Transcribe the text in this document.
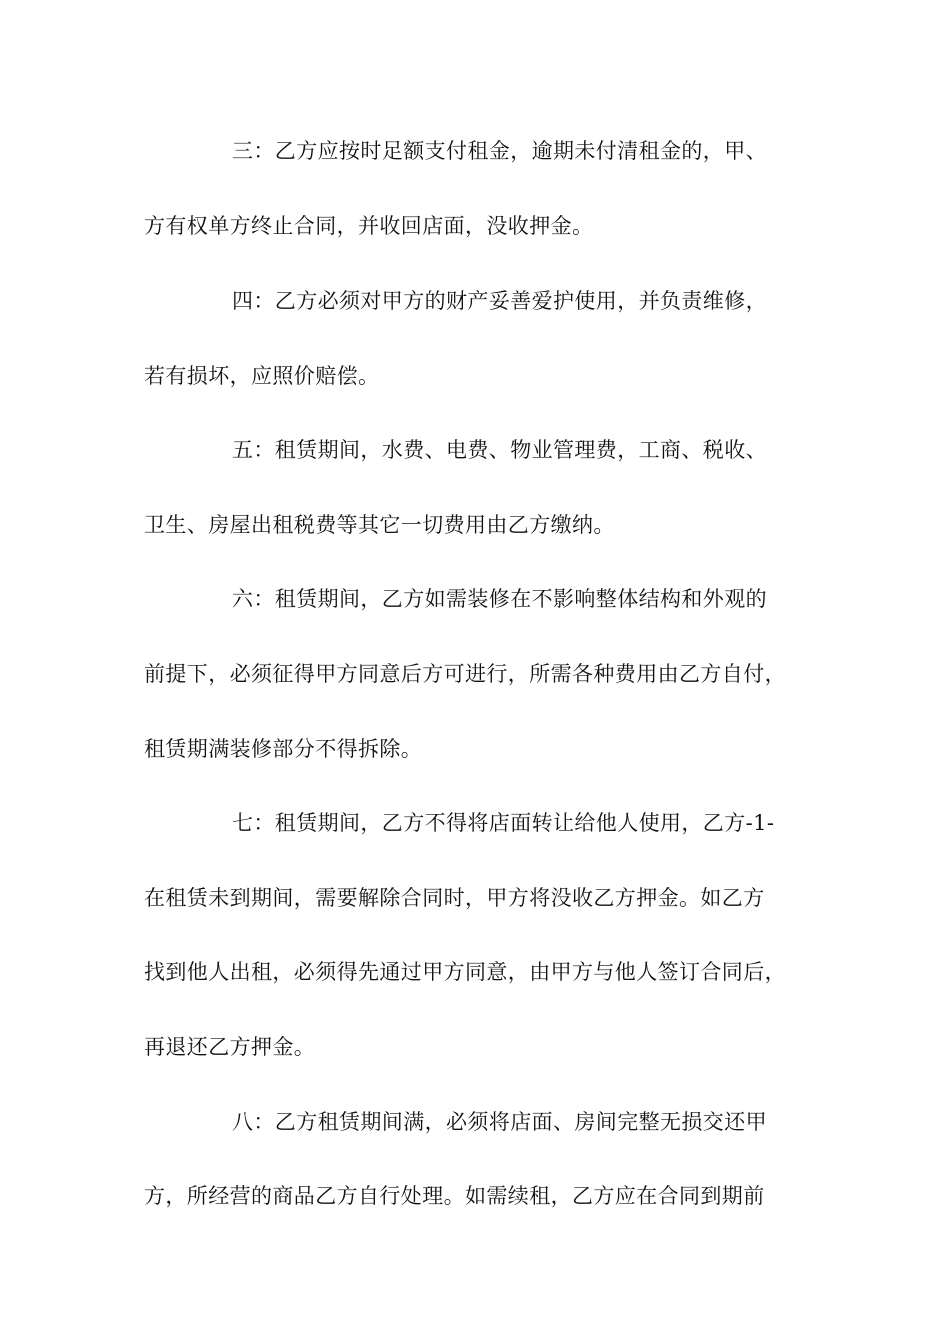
三：乙方应按时足额支付租金，逾期未付清租金的，甲、
方有权单方终止合同，并收回店面，没收押金。
四：乙方必须对甲方的财产妥善爱护使用，并负责维修，
若有损坏，应照价赔偿。
五：租赁期间，水费、电费、物业管理费，工商、税收、
卫生、房屋出租税费等其它一切费用由乙方缴纳。
六：租赁期间，乙方如需装修在不影响整体结构和外观的
前提下，必须征得甲方同意后方可进行，所需各种费用由乙方自付，
租赁期满装修部分不得拆除。
七：租赁期间，乙方不得将店面转让给他人使用，乙方-1-
在租赁未到期间，需要解除合同时，甲方将没收乙方押金。如乙方
找到他人出租，必须得先通过甲方同意，由甲方与他人签订合同后，
再退还乙方押金。
八：乙方租赁期间满，必须将店面、房间完整无损交还甲
方，所经营的商品乙方自行处理。如需续租，乙方应在合同到期前
